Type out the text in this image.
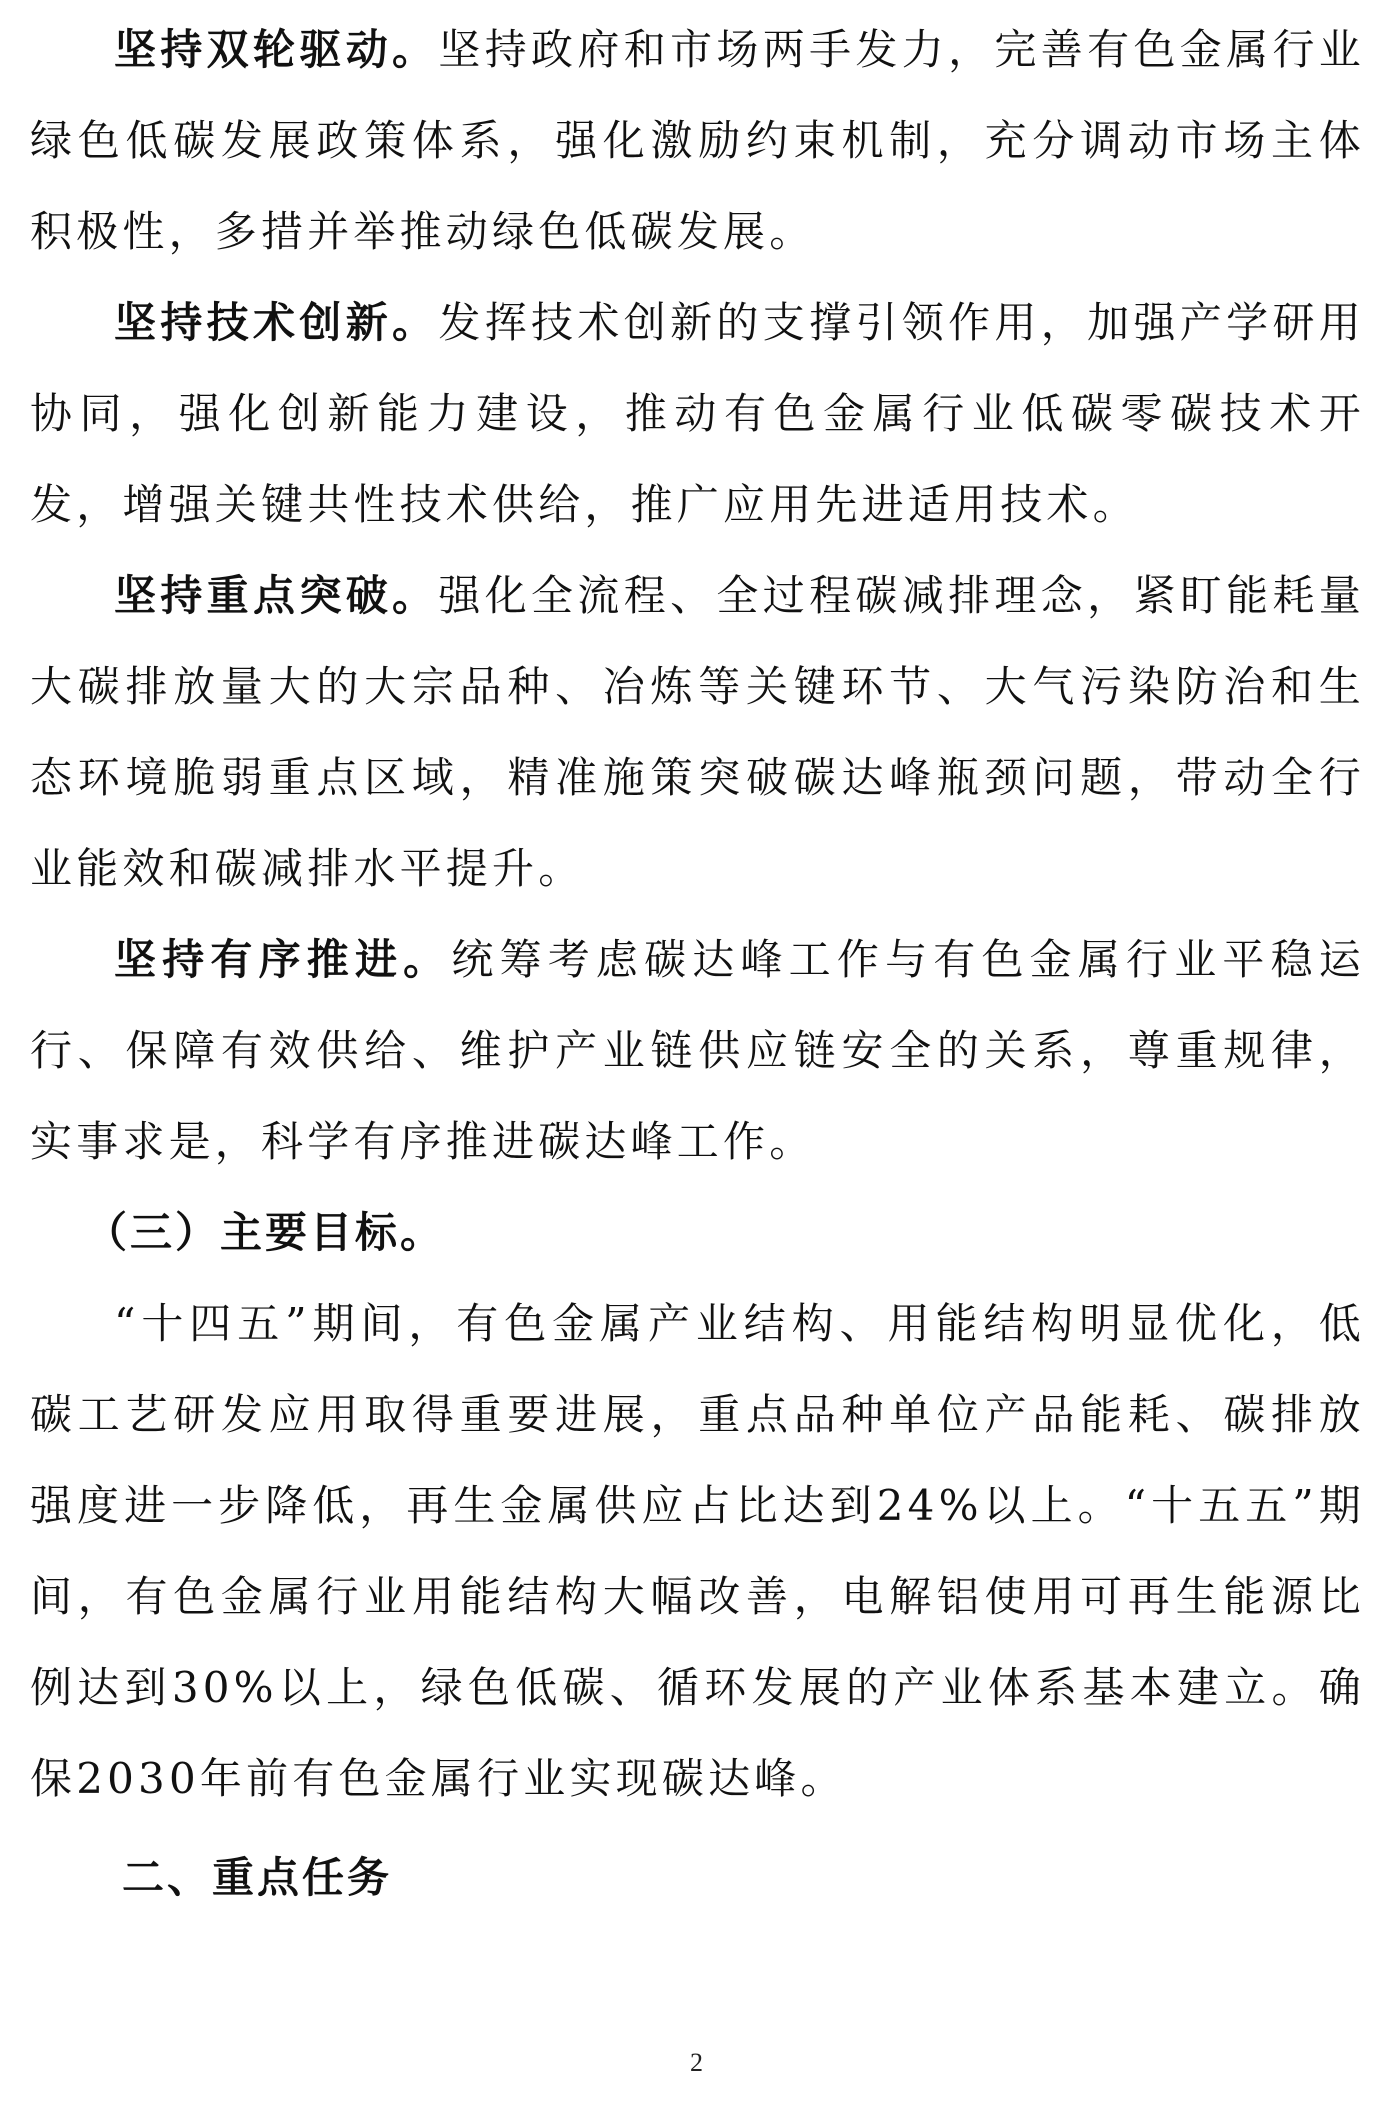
坚持双轮驱动。坚持政府和市场两手发力，完善有色金属行业绿色低碳发展政策体系，强化激励约束机制，充分调动市场主体积极性，多措并举推动绿色低碳发展。

坚持技术创新。发挥技术创新的支撑引领作用，加强产学研用协同，强化创新能力建设，推动有色金属行业低碳零碳技术开发，增强关键共性技术供给，推广应用先进适用技术。

坚持重点突破。强化全流程、全过程碳减排理念，紧盯能耗量大碳排放量大的大宗品种、冶炼等关键环节、大气污染防治和生态环境脆弱重点区域，精准施策突破碳达峰瓶颈问题，带动全行业能效和碳减排水平提升。

坚持有序推进。统筹考虑碳达峰工作与有色金属行业平稳运行、保障有效供给、维护产业链供应链安全的关系，尊重规律，实事求是，科学有序推进碳达峰工作。

（三）主要目标。

“十四五”期间，有色金属产业结构、用能结构明显优化，低碳工艺研发应用取得重要进展，重点品种单位产品能耗、碳排放强度进一步降低，再生金属供应占比达到24%以上。“十五五”期间，有色金属行业用能结构大幅改善，电解铝使用可再生能源比例达到30%以上，绿色低碳、循环发展的产业体系基本建立。确保2030年前有色金属行业实现碳达峰。

二、重点任务

2
